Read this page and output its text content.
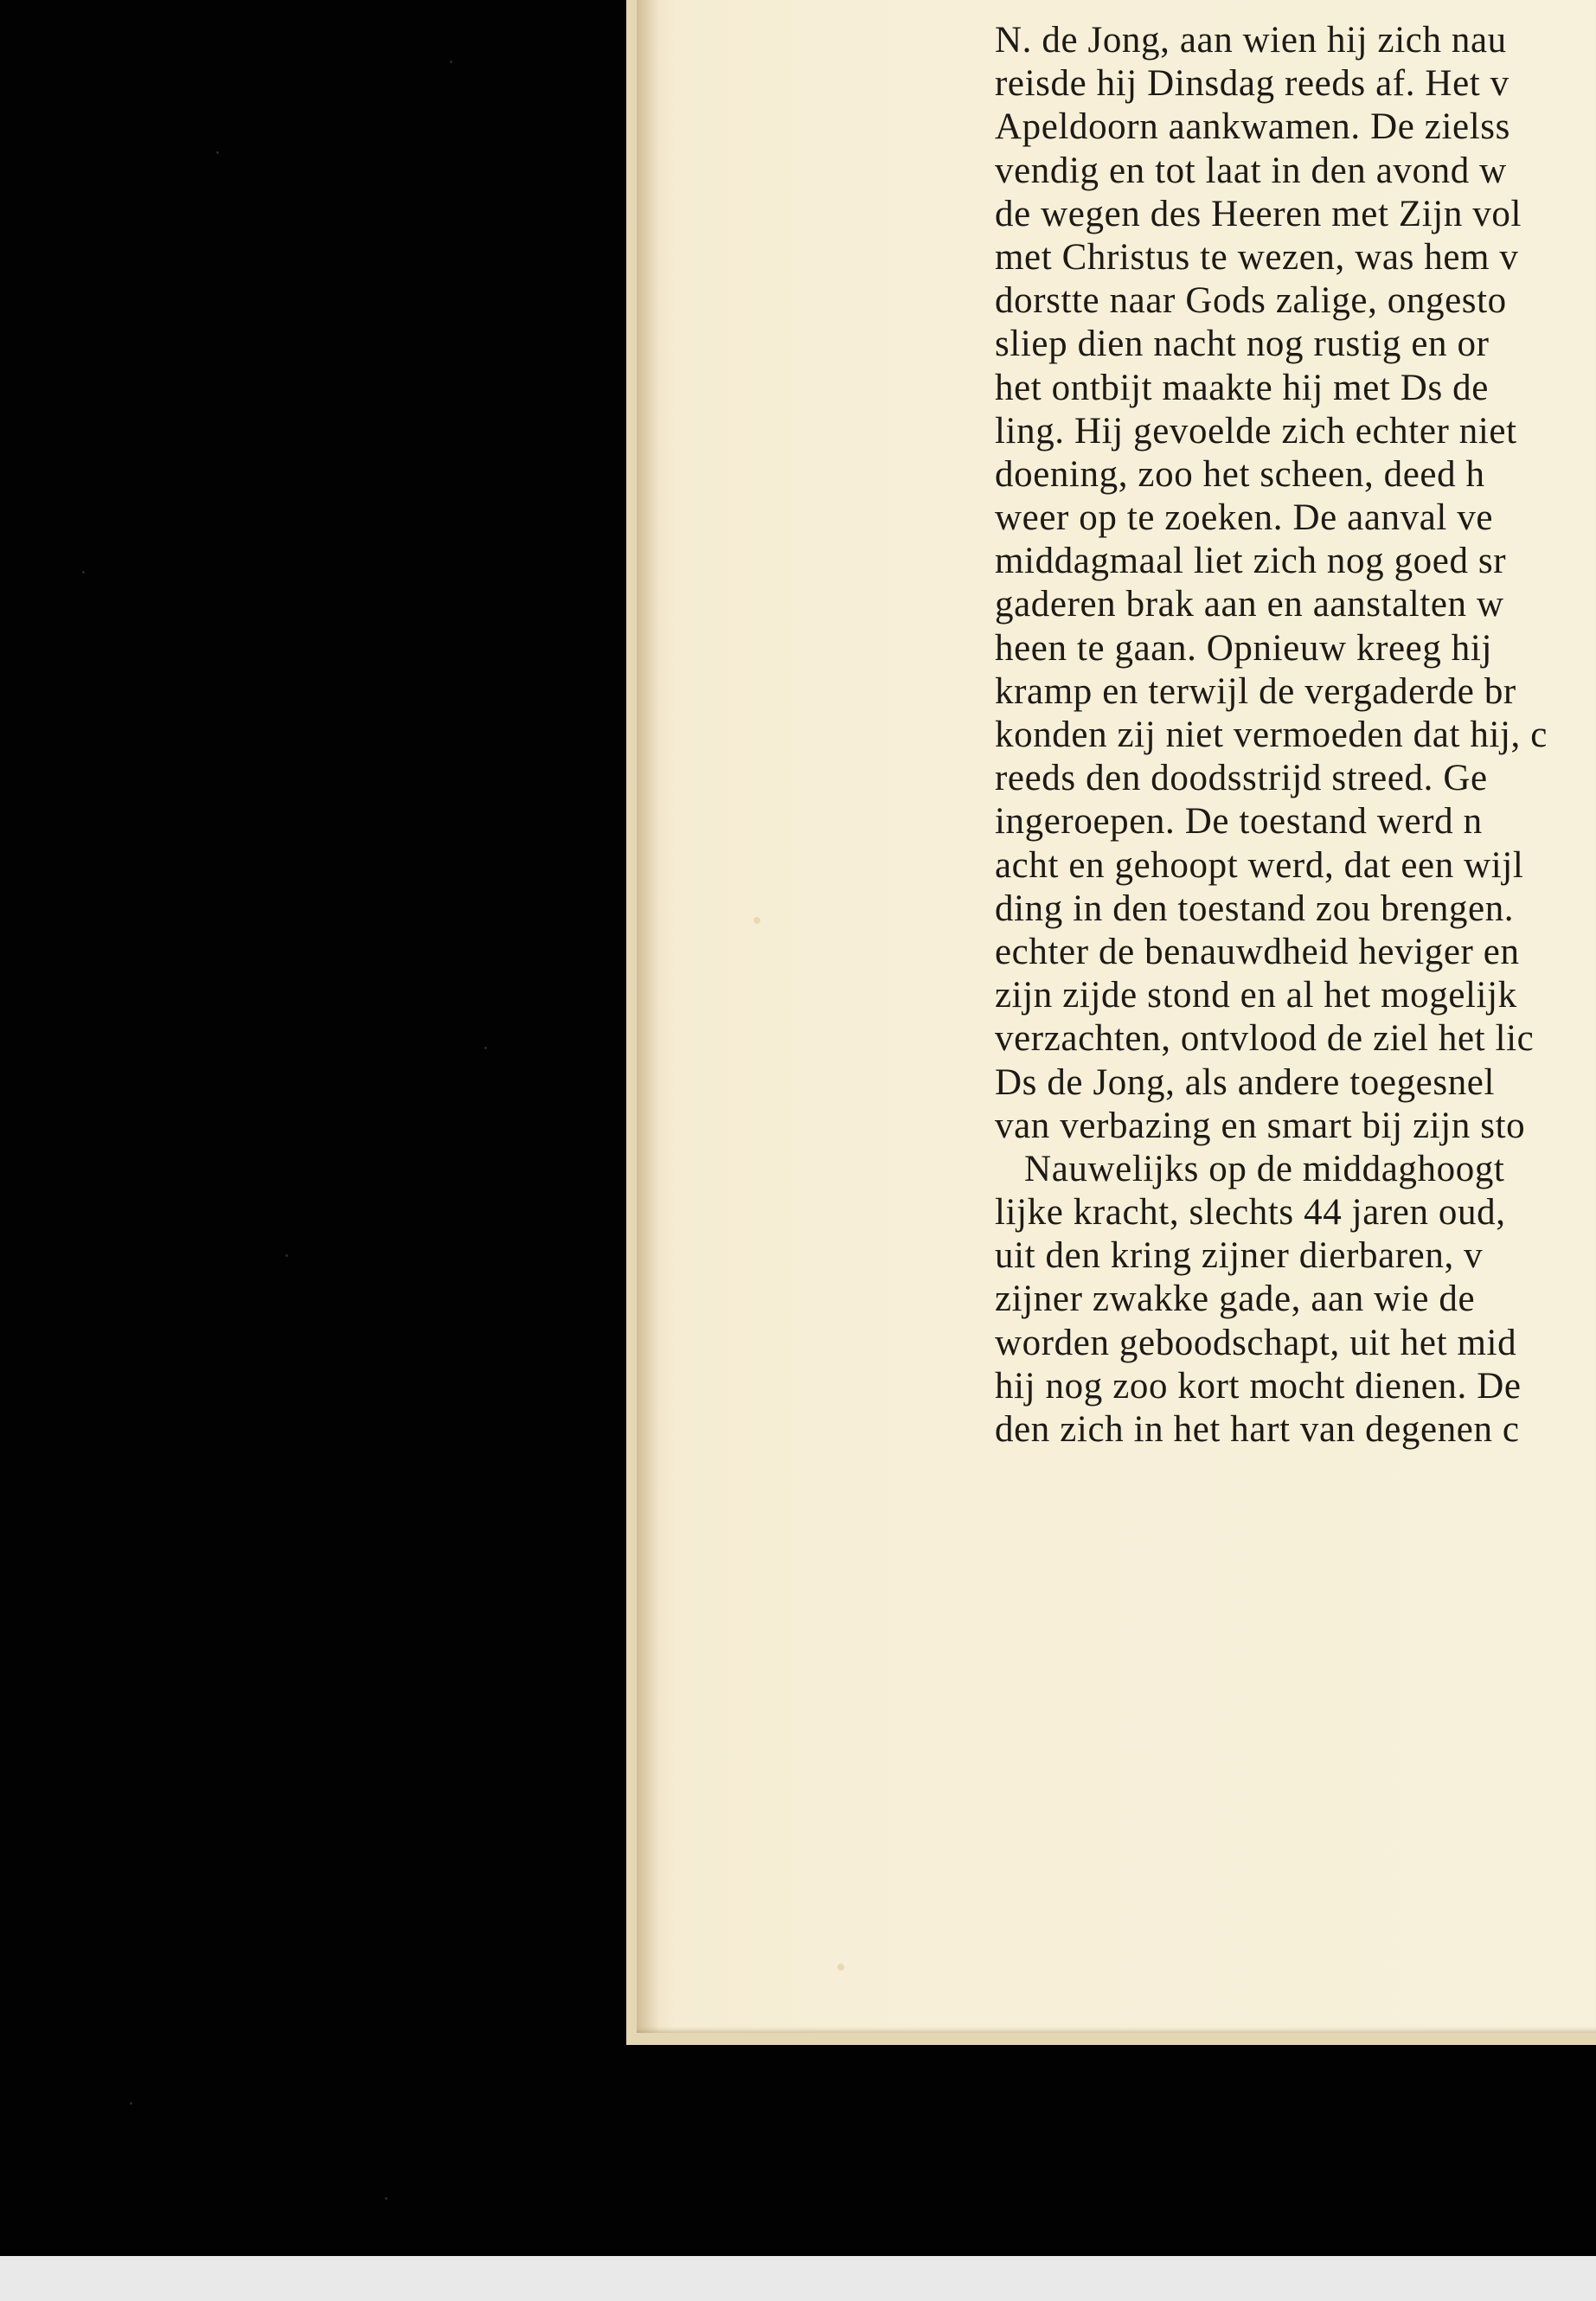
N. de Jong, aan wien hij zich nau
reisde hij Dinsdag reeds af. Het v
Apeldoorn aankwamen. De zielss
vendig en tot laat in den avond w
de wegen des Heeren met Zijn vol
met Christus te wezen, was hem v
dorstte naar Gods zalige, ongesto
sliep dien nacht nog rustig en or
het ontbijt maakte hij met Ds de
ling. Hij gevoelde zich echter niet
doening, zoo het scheen, deed h
weer op te zoeken. De aanval ve
middagmaal liet zich nog goed sr
gaderen brak aan en aanstalten w
heen te gaan. Opnieuw kreeg hij
kramp en terwijl de vergaderde br
konden zij niet vermoeden dat hij, c
reeds den doodsstrijd streed. Ge
ingeroepen. De toestand werd n
acht en gehoopt werd, dat een wijl
ding in den toestand zou brengen.
echter de benauwdheid heviger en
zijn zijde stond en al het mogelijk
verzachten, ontvlood de ziel het lic
Ds de Jong, als andere toegesnel
van verbazing en smart bij zijn sto
Nauwelijks op de middaghoogt
lijke kracht, slechts 44 jaren oud,
uit den kring zijner dierbaren, v
zijner zwakke gade, aan wie de
worden geboodschapt, uit het mid
hij nog zoo kort mocht dienen. De
den zich in het hart van degenen c
